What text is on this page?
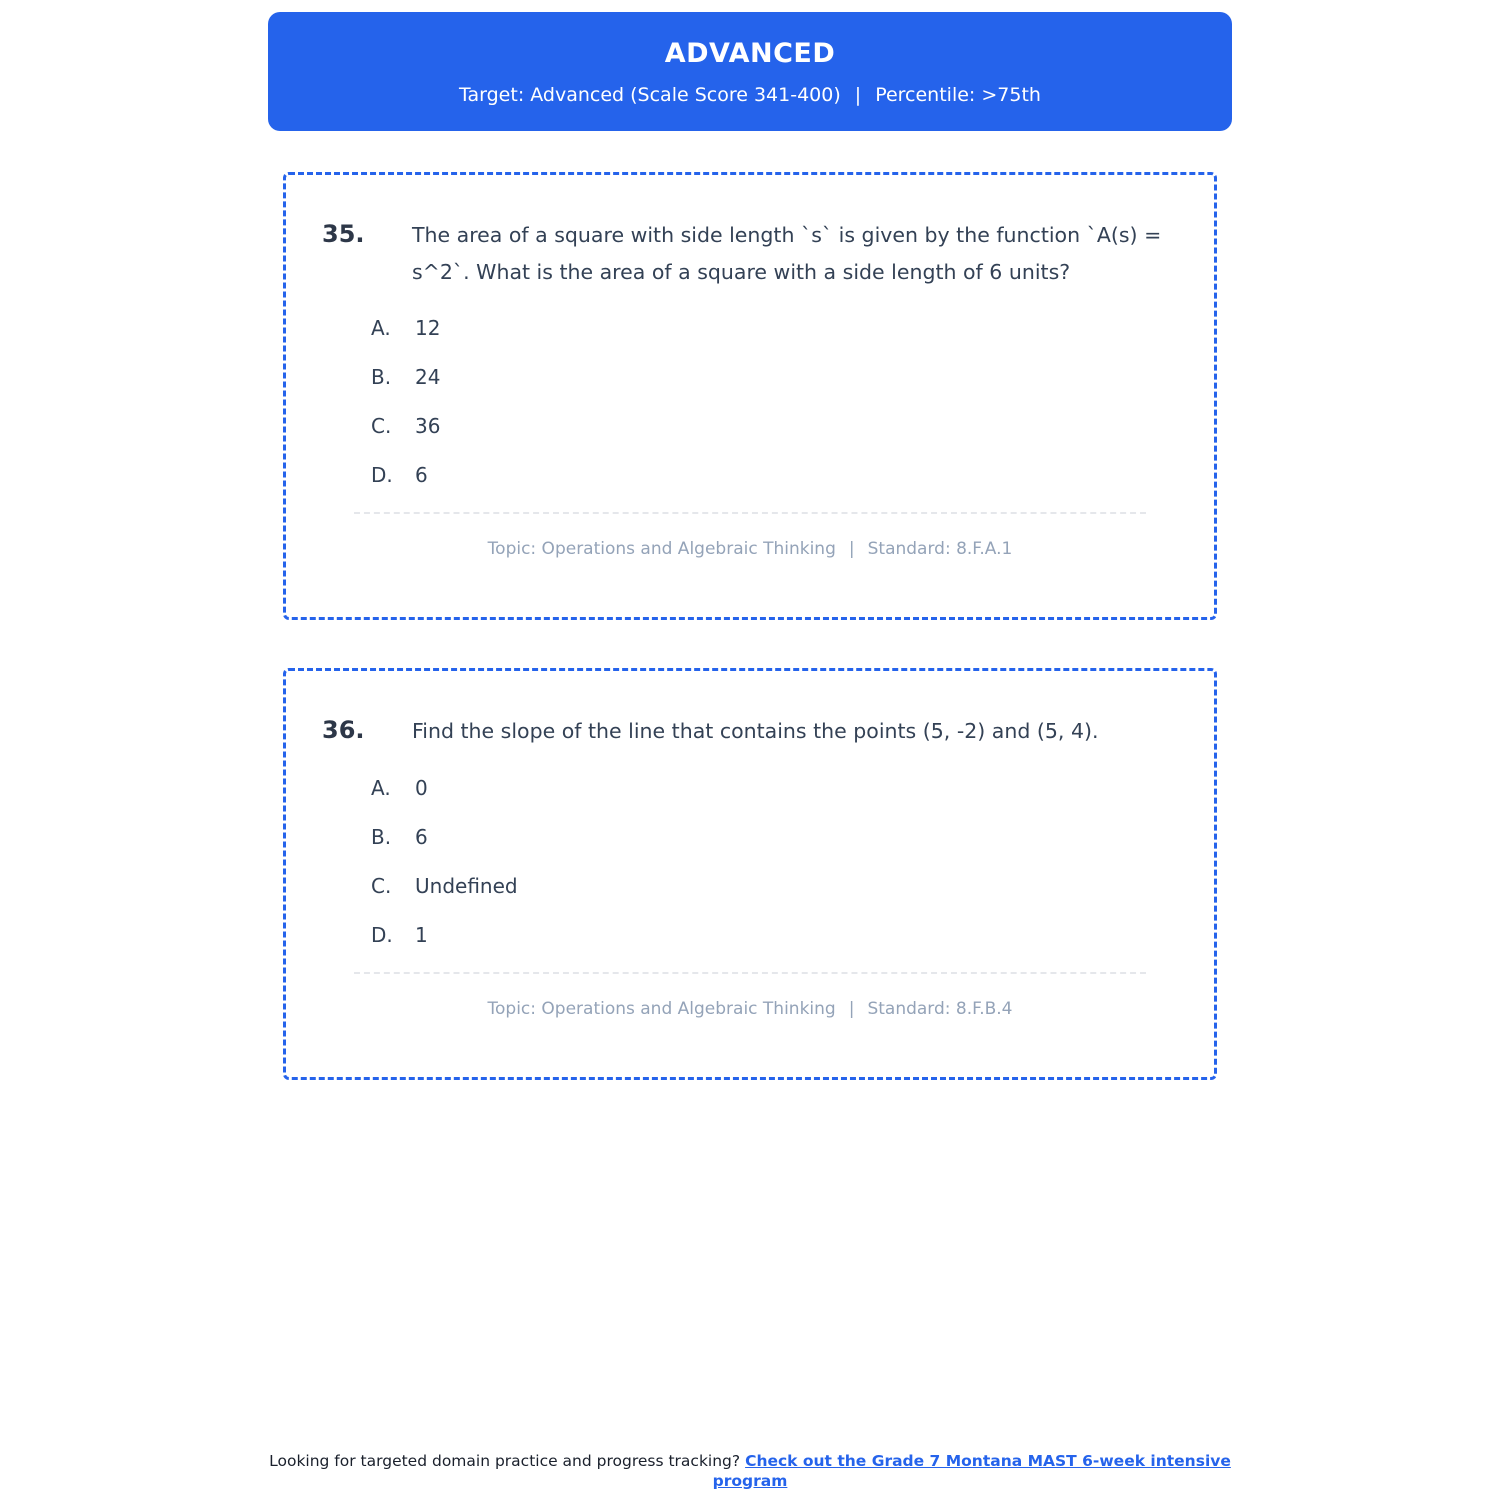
ADVANCED
Target: Advanced (Scale Score 341-400) | Percentile: >75th
35.	The area of a square with side length `s` is given by the function `A(s) = s^2`. What is the area of a square with a side length of 6 units?
A.	12
B.	24
C.	36
D.	6
Topic: Operations and Algebraic Thinking | Standard: 8.F.A.1
36.	Find the slope of the line that contains the points (5, -2) and (5, 4).
A.	0
B.	6
C.	Undefined
D.	1
Topic: Operations and Algebraic Thinking | Standard: 8.F.B.4
Looking for targeted domain practice and progress tracking? Check out the Grade 7 Montana MAST 6-week intensive program
